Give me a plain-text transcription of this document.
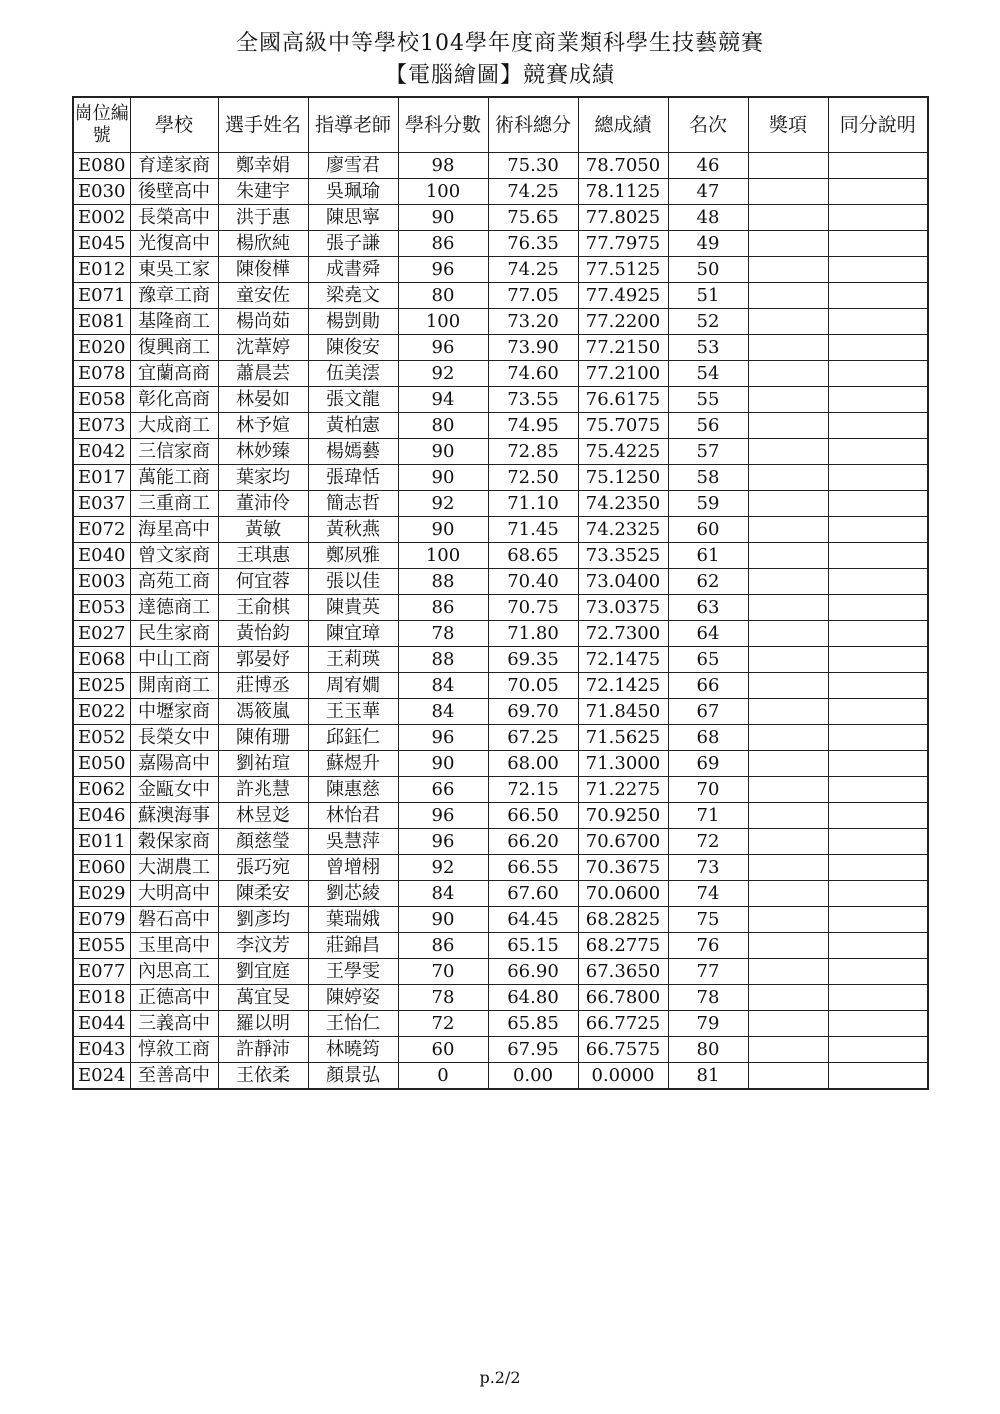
全國高級中等學校104學年度商業類科學生技藝競賽
【電腦繪圖】競賽成績
崗位編號	學校	選手姓名	指導老師	學科分數	術科總分	總成績	名次	獎項	同分說明
E080	育達家商	鄭幸娟	廖雪君	98	75.30	78.7050	46		
E030	後壁高中	朱建宇	吳珮瑜	100	74.25	78.1125	47		
E002	長榮高中	洪于惠	陳思寧	90	75.65	77.8025	48		
E045	光復高中	楊欣純	張子謙	86	76.35	77.7975	49		
E012	東吳工家	陳俊樺	成書舜	96	74.25	77.5125	50		
E071	豫章工商	童安佐	梁堯文	80	77.05	77.4925	51		
E081	基隆商工	楊尚茹	楊剴勛	100	73.20	77.2200	52		
E020	復興商工	沈葦婷	陳俊安	96	73.90	77.2150	53		
E078	宜蘭高商	蕭晨芸	伍美澐	92	74.60	77.2100	54		
E058	彰化高商	林晏如	張文龍	94	73.55	76.6175	55		
E073	大成商工	林予媗	黃柏憲	80	74.95	75.7075	56		
E042	三信家商	林妙臻	楊嫣藝	90	72.85	75.4225	57		
E017	萬能工商	葉家均	張瑋恬	90	72.50	75.1250	58		
E037	三重商工	董沛伶	簡志哲	92	71.10	74.2350	59		
E072	海星高中	黃敏	黃秋燕	90	71.45	74.2325	60		
E040	曾文家商	王琪惠	鄭夙雅	100	68.65	73.3525	61		
E003	高苑工商	何宜蓉	張以佳	88	70.40	73.0400	62		
E053	達德商工	王俞棋	陳貴英	86	70.75	73.0375	63		
E027	民生家商	黃怡鈞	陳宜璋	78	71.80	72.7300	64		
E068	中山工商	郭晏妤	王莉瑛	88	69.35	72.1475	65		
E025	開南商工	莊博丞	周宥嫺	84	70.05	72.1425	66		
E022	中壢家商	馮筱嵐	王玉華	84	69.70	71.8450	67		
E052	長榮女中	陳侑珊	邱鈺仁	96	67.25	71.5625	68		
E050	嘉陽高中	劉祐瑄	蘇煜升	90	68.00	71.3000	69		
E062	金甌女中	許兆慧	陳惠慈	66	72.15	71.2275	70		
E046	蘇澳海事	林昱彣	林怡君	96	66.50	70.9250	71		
E011	穀保家商	顏慈瑩	吳慧萍	96	66.20	70.6700	72		
E060	大湖農工	張巧宛	曾增栩	92	66.55	70.3675	73		
E029	大明高中	陳柔安	劉芯綾	84	67.60	70.0600	74		
E079	磐石高中	劉彥均	葉瑞娥	90	64.45	68.2825	75		
E055	玉里高中	李汶芳	莊錦昌	86	65.15	68.2775	76		
E077	內思高工	劉宜庭	王學雯	70	66.90	67.3650	77		
E018	正德高中	萬宜旻	陳婷姿	78	64.80	66.7800	78		
E044	三義高中	羅以明	王怡仁	72	65.85	66.7725	79		
E043	惇敘工商	許靜沛	林曉筠	60	67.95	66.7575	80		
E024	至善高中	王依柔	顏景弘	0	0.00	0.0000	81		
p.2/2
